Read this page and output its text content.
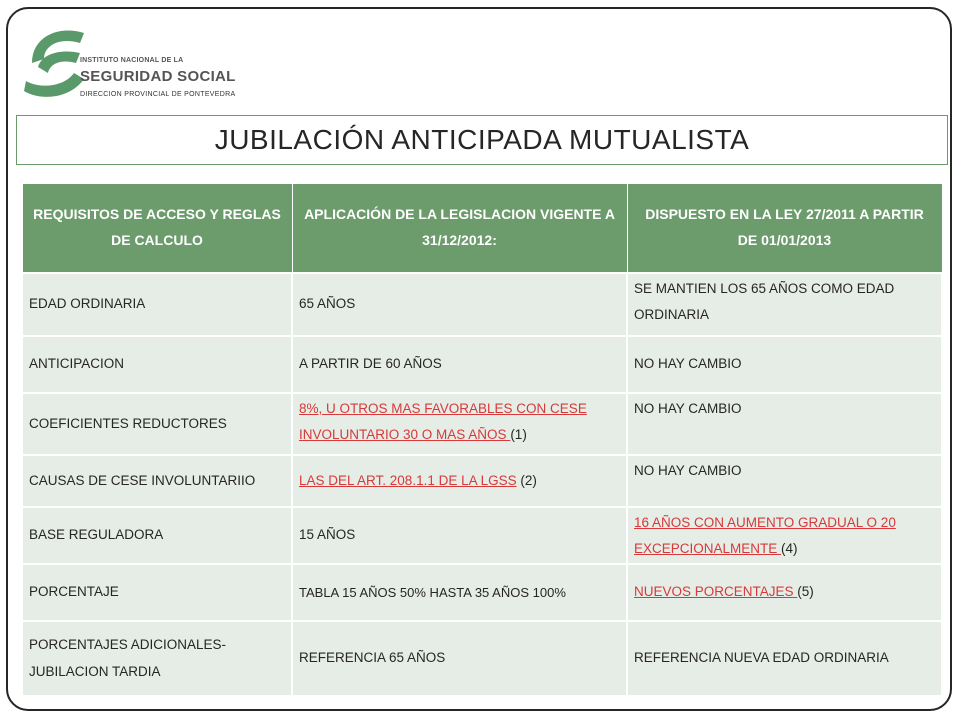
INSTITUTO NACIONAL DE LA
SEGURIDAD SOCIAL
DIRECCION PROVINCIAL DE PONTEVEDRA
JUBILACIÓN ANTICIPADA MUTUALISTA
REQUISITOS DE ACCESO Y REGLAS DE CALCULO	APLICACIÓN DE LA LEGISLACION VIGENTE A 31/12/2012:	DISPUESTO EN LA LEY 27/2011 A PARTIR DE 01/01/2013
EDAD ORDINARIA	65 AÑOS	SE MANTIEN LOS 65 AÑOS COMO EDAD ORDINARIA
ANTICIPACION	A PARTIR DE 60 AÑOS	NO HAY CAMBIO
COEFICIENTES REDUCTORES	8%, U OTROS MAS FAVORABLES CON CESE INVOLUNTARIO 30 O MAS AÑOS (1)	NO HAY CAMBIO
CAUSAS DE CESE INVOLUNTARIIO	LAS DEL ART. 208.1.1 DE LA LGSS (2)	NO HAY CAMBIO
BASE REGULADORA	15 AÑOS	16 AÑOS CON AUMENTO GRADUAL O 20 EXCEPCIONALMENTE (4)
PORCENTAJE	TABLA 15 AÑOS 50% HASTA 35 AÑOS 100%	NUEVOS PORCENTAJES (5)
PORCENTAJES ADICIONALES- JUBILACION TARDIA	REFERENCIA 65 AÑOS	REFERENCIA NUEVA EDAD ORDINARIA
